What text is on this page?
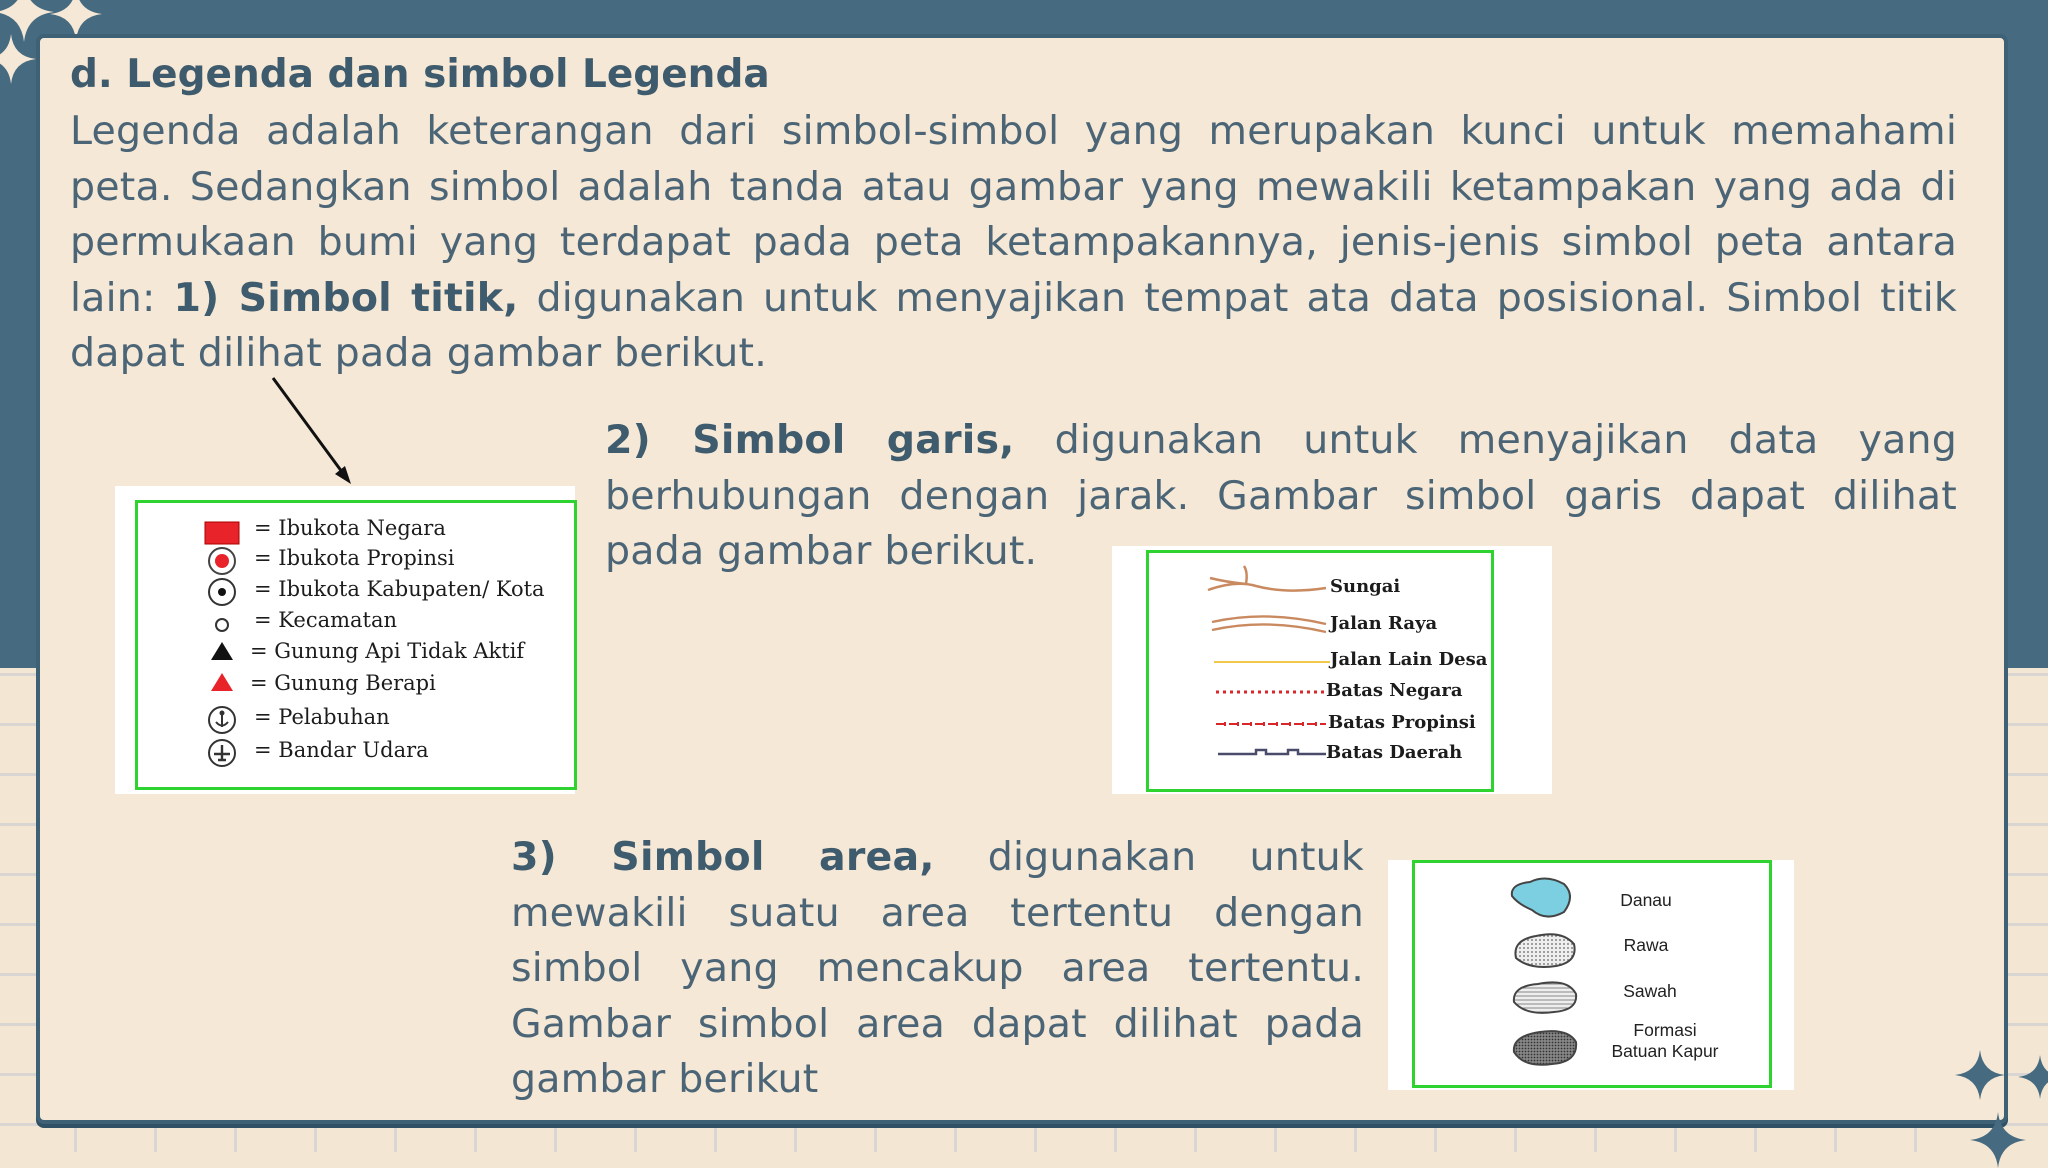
d. Legenda dan simbol Legenda
Legenda adalah keterangan dari simbol-simbol yang merupakan kunci untuk memahami peta. Sedangkan simbol adalah tanda atau gambar yang mewakili ketampakan yang ada di permukaan bumi yang terdapat pada peta ketampakannya, jenis-jenis simbol peta antara lain: 1) Simbol titik, digunakan untuk menyajikan tempat ata data posisional. Simbol titik dapat dilihat pada gambar berikut.
= Ibukota Negara
= Ibukota Propinsi
= Ibukota Kabupaten/ Kota
= Kecamatan
= Gunung Api Tidak Aktif
= Gunung Berapi
= Pelabuhan
= Bandar Udara
2) Simbol garis, digunakan untuk menyajikan data yang berhubungan dengan jarak. Gambar simbol garis dapat dilihat pada gambar berikut.
Sungai
Jalan Raya
Jalan Lain Desa
Batas Negara
Batas Propinsi
Batas Daerah
3) Simbol area, digunakan untuk mewakili suatu area tertentu dengan simbol yang mencakup area tertentu. Gambar simbol area dapat dilihat pada gambar berikut
Danau
Rawa
Sawah
Formasi
Batuan Kapur
